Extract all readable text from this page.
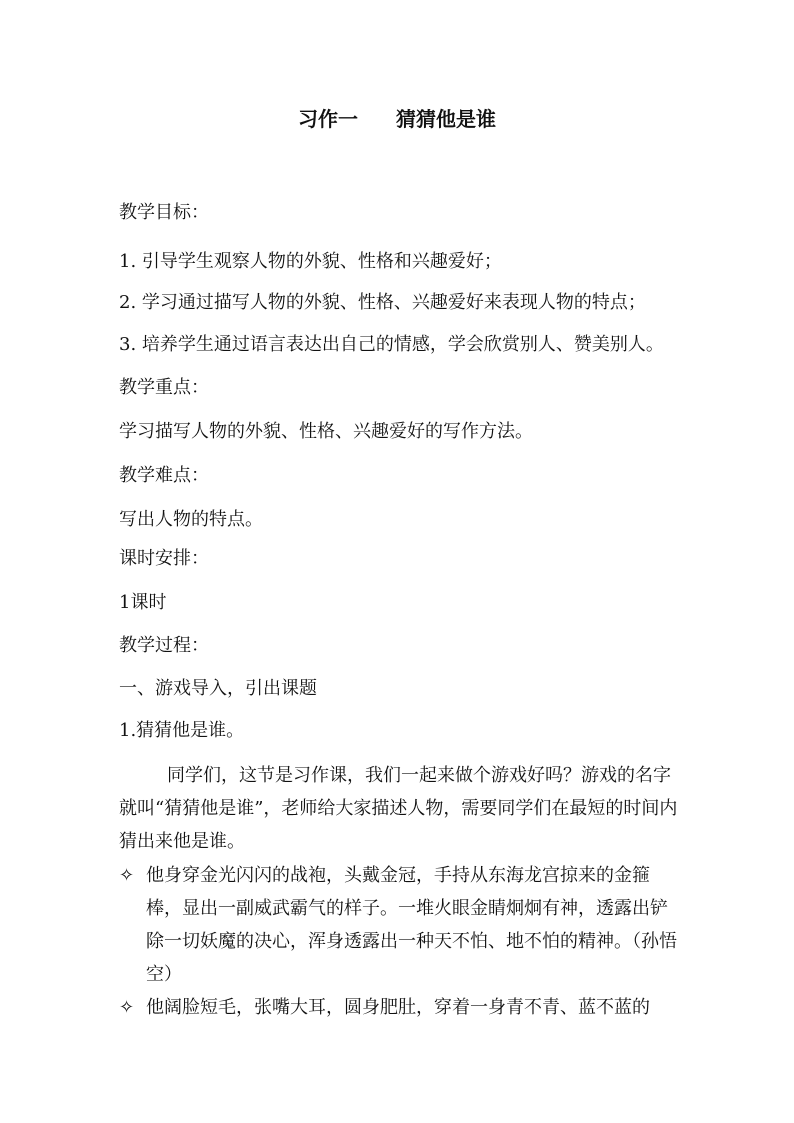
习作一 猜猜他是谁
教学目标：
1. 引导学生观察人物的外貌、性格和兴趣爱好；
2. 学习通过描写人物的外貌、性格、兴趣爱好来表现人物的特点；
3. 培养学生通过语言表达出自己的情感，学会欣赏别人、赞美别人。
教学重点：
学习描写人物的外貌、性格、兴趣爱好的写作方法。
教学难点：
写出人物的特点。
课时安排：
1课时
教学过程：
一、游戏导入，引出课题
1.猜猜他是谁。
同学们，这节是习作课，我们一起来做个游戏好吗？游戏的名字就叫“猜猜他是谁”，老师给大家描述人物，需要同学们在最短的时间内猜出来他是谁。
✧ 他身穿金光闪闪的战袍，头戴金冠，手持从东海龙宫掠来的金箍棒，显出一副威武霸气的样子。一堆火眼金睛炯炯有神，透露出铲除一切妖魔的决心，浑身透露出一种天不怕、地不怕的精神。（孙悟空）
✧ 他阔脸短毛，张嘴大耳，圆身肥肚，穿着一身青不青、蓝不蓝的
